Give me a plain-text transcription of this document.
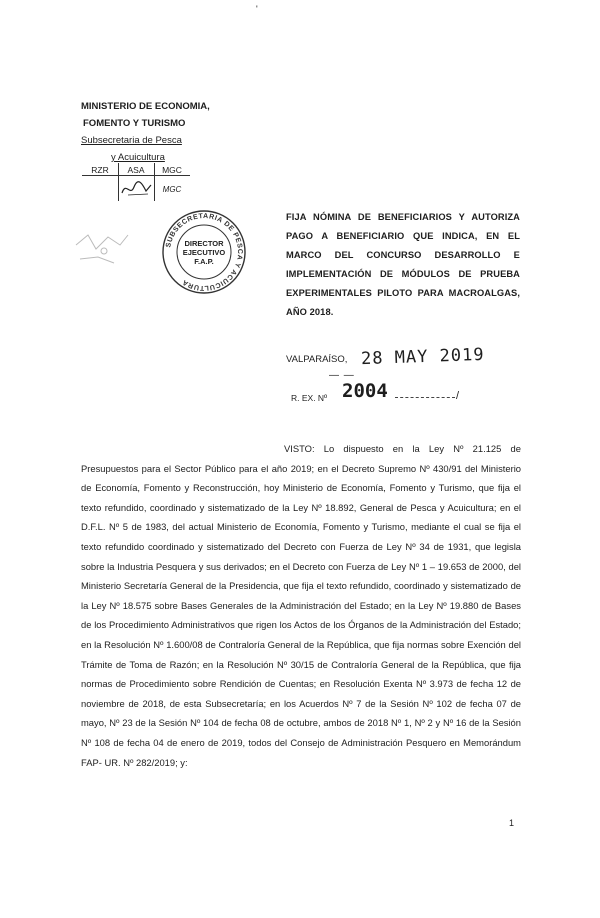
'
MINISTERIO DE ECONOMIA,
FOMENTO Y TURISMO
Subsecretaria de Pesca
y Acuicultura
RZR	ASA	MGC
MGC
SUBSECRETARIA DE PESCA Y ACUICULTURA
DIRECTOR
EJECUTIVO
F.A.P.
FIJA NÓMINA DE BENEFICIARIOS Y AUTORIZA PAGO A BENEFICIARIO QUE INDICA, EN EL MARCO DEL CONCURSO DESARROLLO E IMPLEMENTACIÓN DE MÓDULOS DE PRUEBA EXPERIMENTALES PILOTO PARA MACROALGAS, AÑO 2018.
VALPARAÍSO, 28 MAY 2019
— —
R. EX. Nº 2004	/
VISTO: Lo dispuesto en la Ley Nº 21.125 de Presupuestos para el Sector Público para el año 2019; en el Decreto Supremo Nº 430/91 del Ministerio de Economía, Fomento y Reconstrucción, hoy Ministerio de Economía, Fomento y Turismo, que fija el texto refundido, coordinado y sistematizado de la Ley Nº 18.892, General de Pesca y Acuicultura; en el D.F.L. Nº 5 de 1983, del actual Ministerio de Economía, Fomento y Turismo, mediante el cual se fija el texto refundido coordinado y sistematizado del Decreto con Fuerza de Ley Nº 34 de 1931, que legisla sobre la Industria Pesquera y sus derivados; en el Decreto con Fuerza de Ley Nº 1 – 19.653 de 2000, del Ministerio Secretaría General de la Presidencia, que fija el texto refundido, coordinado y sistematizado de la Ley Nº 18.575 sobre Bases Generales de la Administración del Estado; en la Ley Nº 19.880 de Bases de los Procedimiento Administrativos que rigen los Actos de los Órganos de la Administración del Estado; en la Resolución Nº 1.600/08 de Contraloría General de la República, que fija normas sobre Exención del Trámite de Toma de Razón; en la Resolución Nº 30/15 de Contraloría General de la República, que fija normas de Procedimiento sobre Rendición de Cuentas; en Resolución Exenta Nº 3.973 de fecha 12 de noviembre de 2018, de esta Subsecretaría; en los Acuerdos Nº 7 de la Sesión Nº 102 de fecha 07 de mayo, Nº 23 de la Sesión Nº 104 de fecha 08 de octubre, ambos de 2018 Nº 1, Nº 2 y Nº 16 de la Sesión Nº 108 de fecha 04 de enero de 2019, todos del Consejo de Administración Pesquero en Memorándum FAP- UR. Nº 282/2019; y:
1
